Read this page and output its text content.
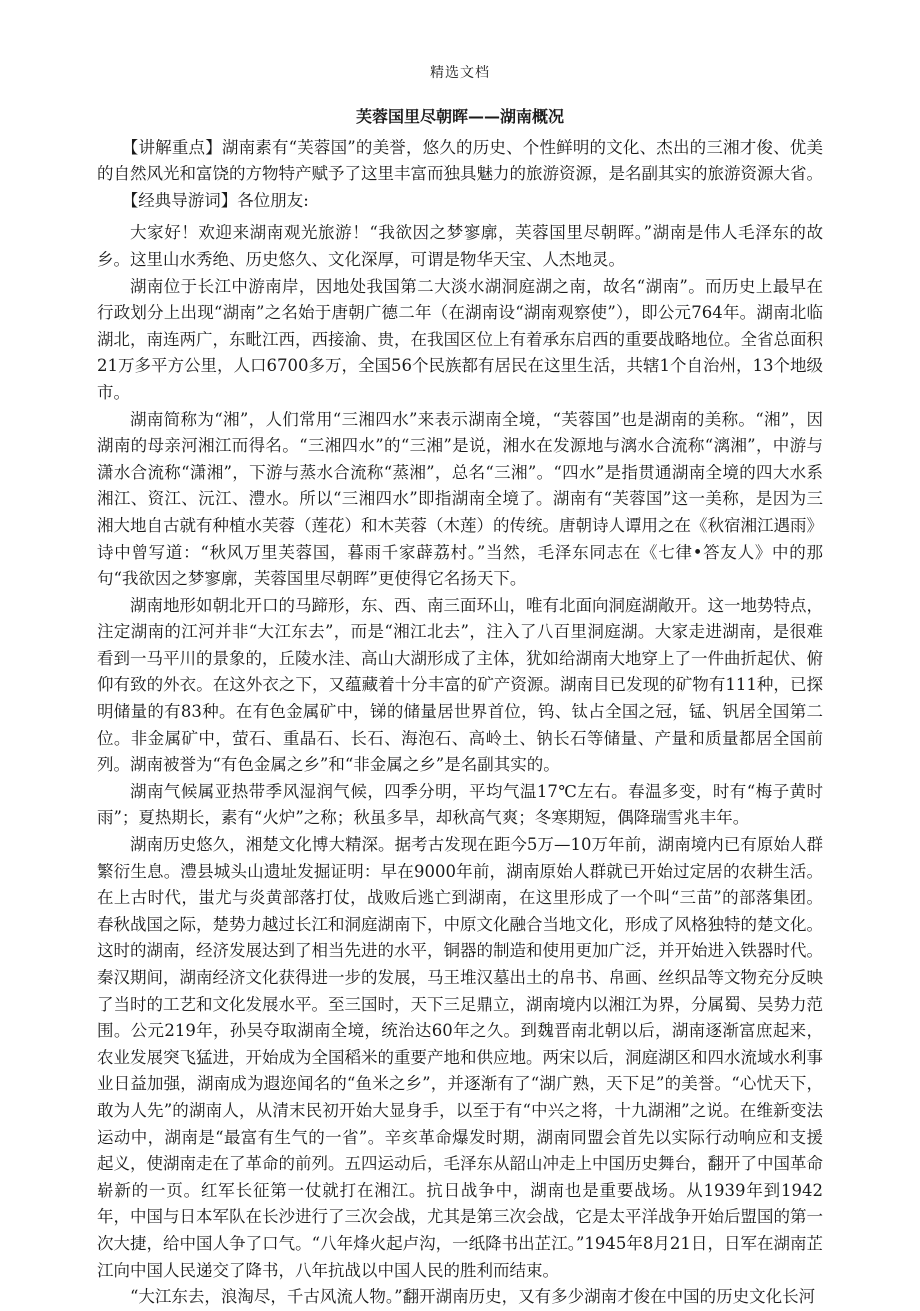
精选文档
芙蓉国里尽朝晖——湖南概况

【讲解重点】湖南素有“芙蓉国”的美誉，悠久的历史、个性鲜明的文化、杰出的三湘才俊、优美的自然风光和富饶的方物特产赋予了这里丰富而独具魅力的旅游资源，是名副其实的旅游资源大省。

【经典导游词】各位朋友:

大家好！欢迎来湖南观光旅游！“我欲因之梦寥廓，芙蓉国里尽朝晖。”湖南是伟人毛泽东的故乡。这里山水秀绝、历史悠久、文化深厚，可谓是物华天宝、人杰地灵。

湖南位于长江中游南岸，因地处我国第二大淡水湖洞庭湖之南，故名“湖南”。而历史上最早在行政划分上出现“湖南”之名始于唐朝广德二年（在湖南设“湖南观察使”），即公元764年。湖南北临湖北，南连两广，东毗江西，西接渝、贵，在我国区位上有着承东启西的重要战略地位。全省总面积21万多平方公里，人口6700多万，全国56个民族都有居民在这里生活，共辖1个自治州，13个地级市。

湖南简称为“湘”，人们常用“三湘四水”来表示湖南全境，“芙蓉国”也是湖南的美称。“湘”，因湖南的母亲河湘江而得名。“三湘四水”的“三湘”是说，湘水在发源地与漓水合流称“漓湘”，中游与潇水合流称“潇湘”，下游与蒸水合流称“蒸湘”，总名“三湘”。“四水”是指贯通湖南全境的四大水系湘江、资江、沅江、澧水。所以“三湘四水”即指湖南全境了。湖南有“芙蓉国”这一美称，是因为三湘大地自古就有种植水芙蓉（莲花）和木芙蓉（木莲）的传统。唐朝诗人谭用之在《秋宿湘江遇雨》诗中曾写道：“秋风万里芙蓉国，暮雨千家薜荔村。”当然，毛泽东同志在《七律•答友人》中的那句“我欲因之梦寥廓，芙蓉国里尽朝晖”更使得它名扬天下。

湖南地形如朝北开口的马蹄形，东、西、南三面环山，唯有北面向洞庭湖敞开。这一地势特点，注定湖南的江河并非“大江东去”，而是“湘江北去”，注入了八百里洞庭湖。大家走进湖南，是很难看到一马平川的景象的，丘陵水洼、高山大湖形成了主体，犹如给湖南大地穿上了一件曲折起伏、俯仰有致的外衣。在这外衣之下，又蕴藏着十分丰富的矿产资源。湖南目已发现的矿物有111种，已探明储量的有83种。在有色金属矿中，锑的储量居世界首位，钨、钛占全国之冠，锰、钒居全国第二位。非金属矿中，萤石、重晶石、长石、海泡石、高岭土、钠长石等储量、产量和质量都居全国前列。湖南被誉为“有色金属之乡”和“非金属之乡”是名副其实的。

湖南气候属亚热带季风湿润气候，四季分明，平均气温17℃左右。春温多变，时有“梅子黄时雨”；夏热期长，素有“火炉”之称；秋虽多旱，却秋高气爽；冬寒期短，偶降瑞雪兆丰年。

湖南历史悠久，湘楚文化博大精深。据考古发现在距今5万—10万年前，湖南境内已有原始人群繁衍生息。澧县城头山遗址发掘证明：早在9000年前，湖南原始人群就已开始过定居的农耕生活。在上古时代，蚩尤与炎黄部落打仗，战败后逃亡到湖南，在这里形成了一个叫“三苗”的部落集团。春秋战国之际，楚势力越过长江和洞庭湖南下，中原文化融合当地文化，形成了风格独特的楚文化。这时的湖南，经济发展达到了相当先进的水平，铜器的制造和使用更加广泛，并开始进入铁器时代。秦汉期间，湖南经济文化获得进一步的发展，马王堆汉墓出土的帛书、帛画、丝织品等文物充分反映了当时的工艺和文化发展水平。至三国时，天下三足鼎立，湖南境内以湘江为界，分属蜀、吴势力范围。公元219年，孙吴夺取湖南全境，统治达60年之久。到魏晋南北朝以后，湖南逐渐富庶起来，农业发展突飞猛进，开始成为全国稻米的重要产地和供应地。两宋以后，洞庭湖区和四水流域水利事业日益加强，湖南成为遐迩闻名的“鱼米之乡”，并逐渐有了“湖广熟，天下足”的美誉。“心忧天下，敢为人先”的湖南人，从清末民初开始大显身手，以至于有“中兴之将，十九湖湘”之说。在维新变法运动中，湖南是“最富有生气的一省”。辛亥革命爆发时期，湖南同盟会首先以实际行动响应和支援起义，使湖南走在了革命的前列。五四运动后，毛泽东从韶山冲走上中国历史舞台，翻开了中国革命崭新的一页。红军长征第一仗就打在湘江。抗日战争中，湖南也是重要战场。从1939年到1942年，中国与日本军队在长沙进行了三次会战，尤其是第三次会战，它是太平洋战争开始后盟国的第一次大捷，给中国人争了口气。“八年烽火起卢沟，一纸降书出芷江。”1945年8月21日，日军在湖南芷江向中国人民递交了降书，八年抗战以中国人民的胜利而结束。

“大江东去，浪淘尽，千古风流人物。”翻开湖南历史，又有多少湖南才俊在中国的历史文化长河
